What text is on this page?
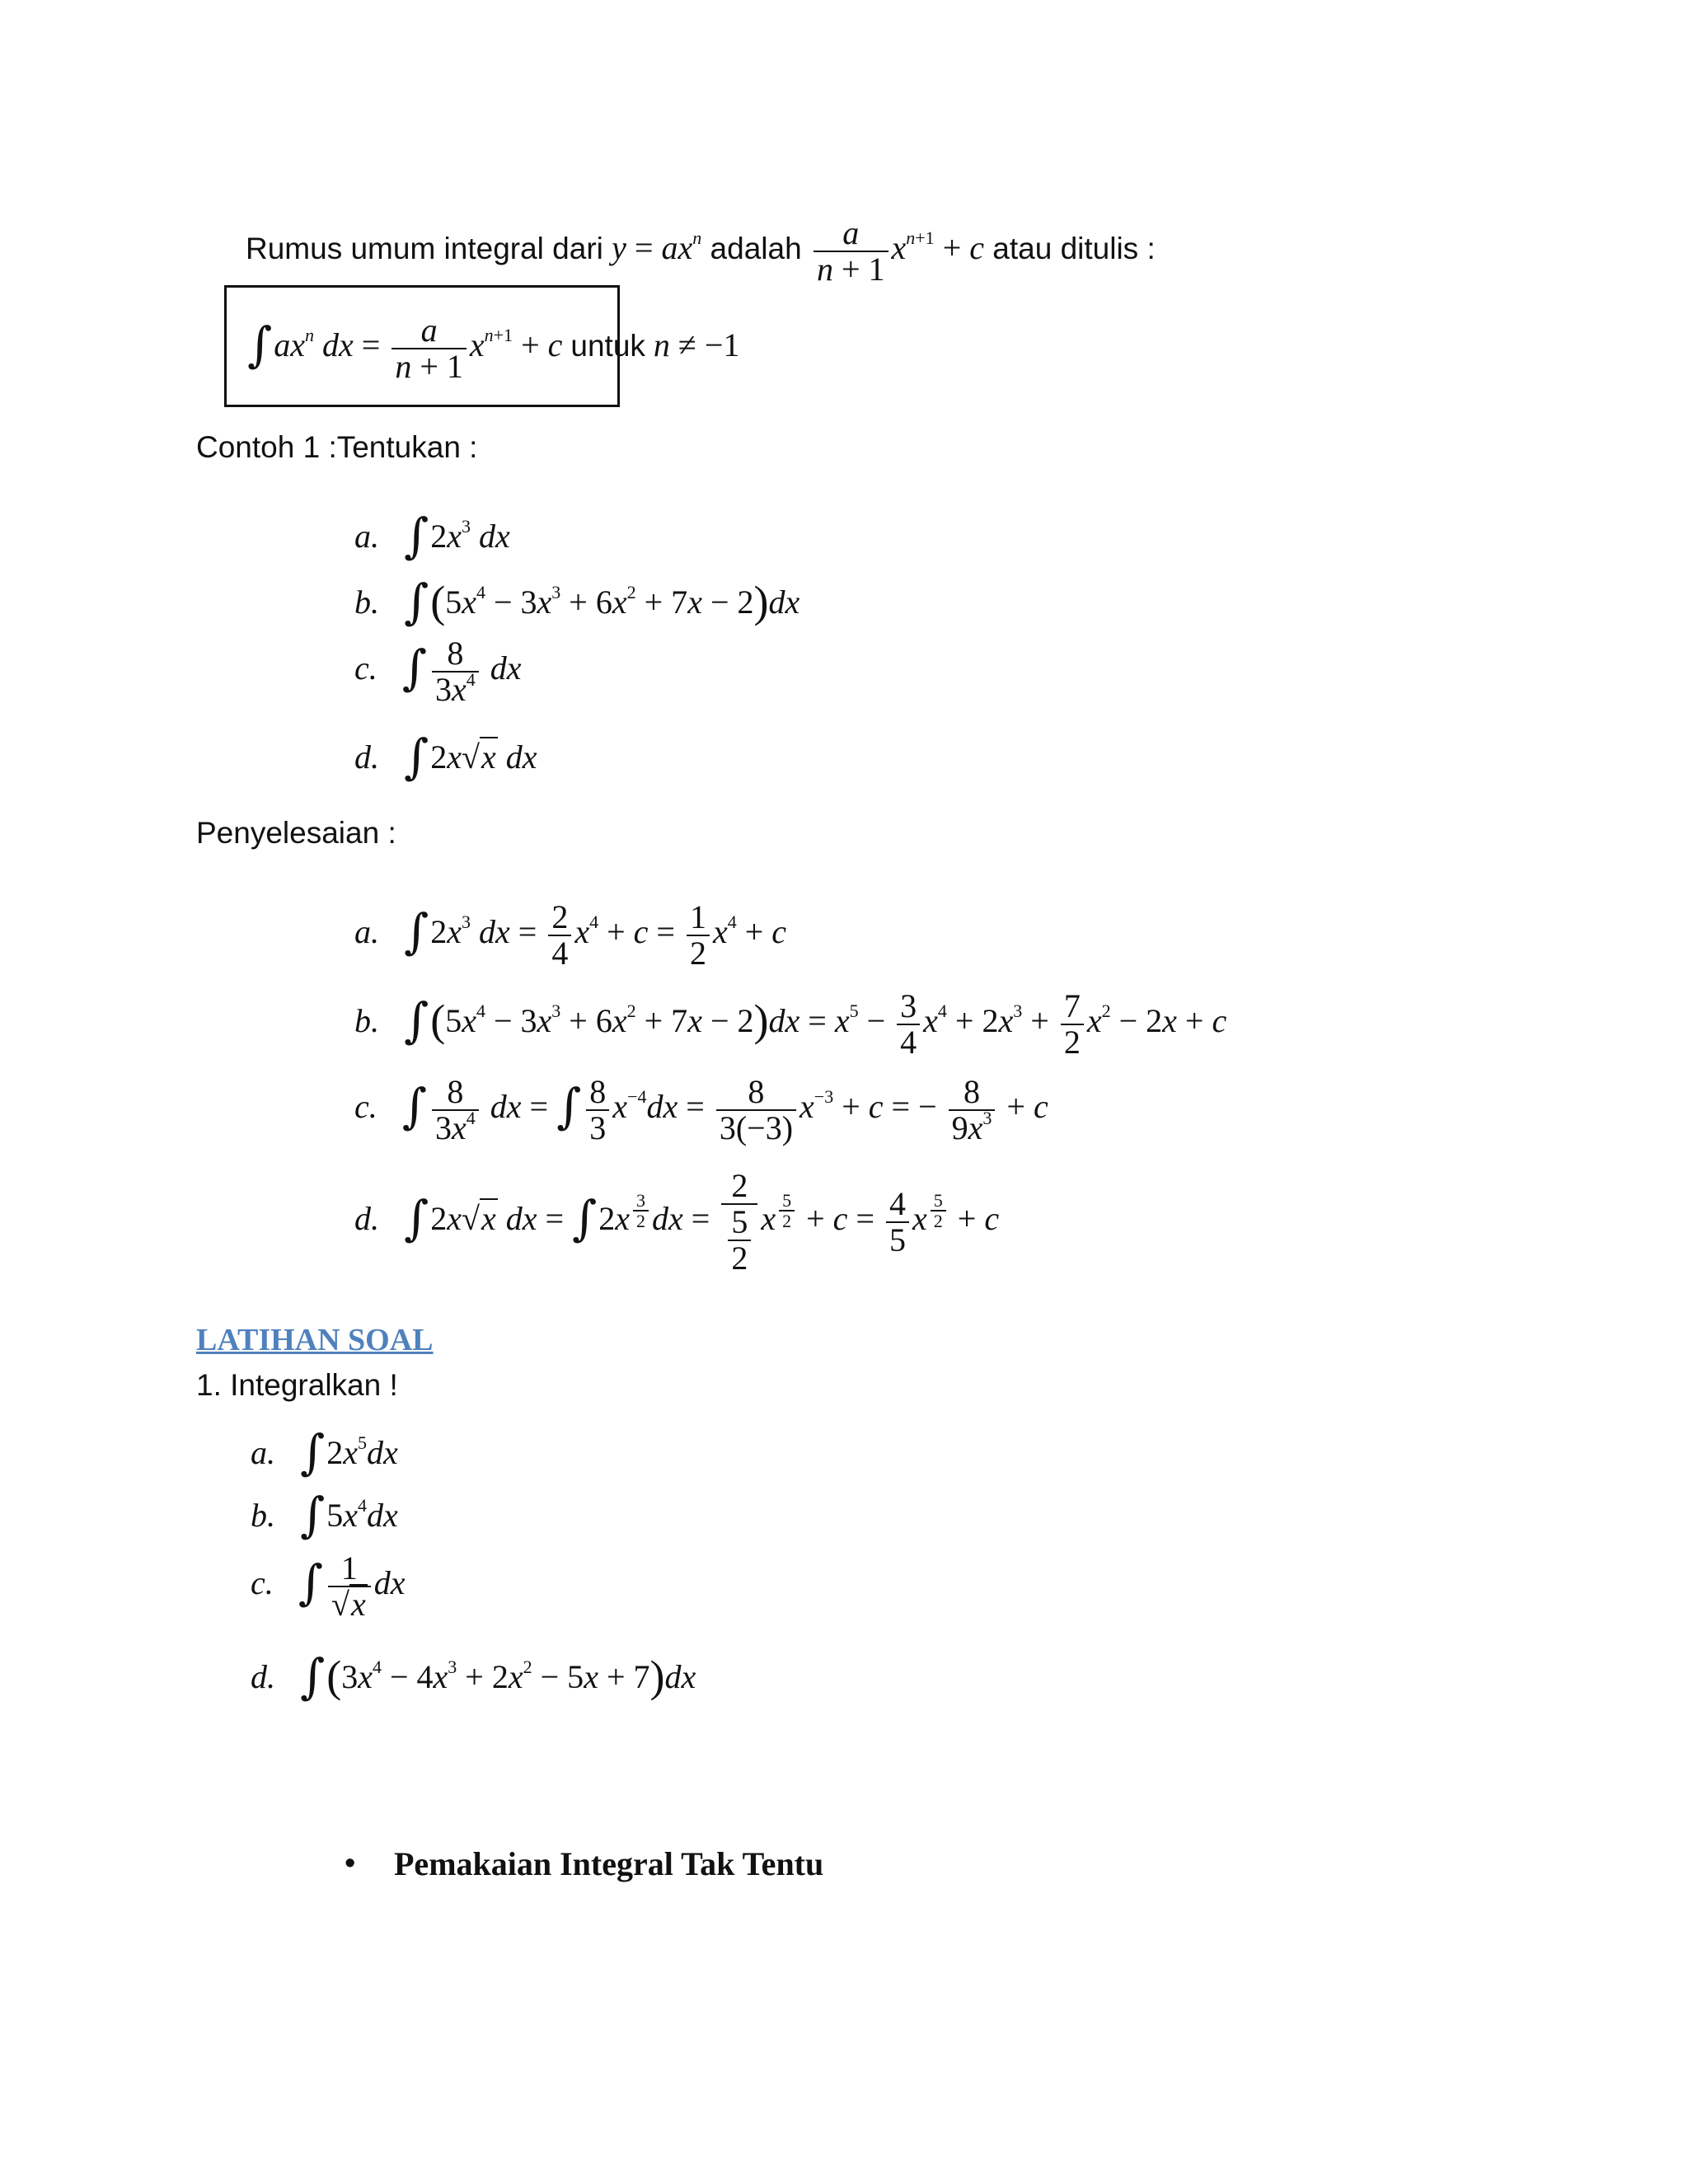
Rumus umum integral dari $y = ax^n$ adalah $\frac{a}{n + 1} x^{n+1} + c$ atau ditulis :
$\int ax^n$ dx = $\frac{a}{n + 1} x^{n+1} + c$ untuk n ≠ −1
Contoh 1 :Tentukan :
a. $\int 2x^3$ dx
b. $\int(5x^4 - 3x^3 + 6x^2 + 7x - 2)dx$
c. ∫ $\frac{8}{3x^4}$ dx
d. ∫2x√x dx
Penyelesaian :
a. $\int 2x^3$ dx = $\frac{2}{4} x^4 + c = \frac{1}{2} x^4 + c$
b. $\int(5x^4 - 3x^3 + 6x^2 + 7x - 2)dx = x^5 - \frac{3}{4} x^4 + 2x^3 + \frac{7}{2} x^2 - 2x + c$
c. ∫ $\frac{8}{3x^4}$ dx = ∫ $\frac{8}{3} x^{-4}dx = \frac{8}{3(-3)} x^{-3} + c$ = − $\frac{8}{9x^3} + c$
d. ∫2x√x dx = ∫2x $^{\frac{3}{2}}$ dx = $\frac{2}{\frac{5}{2}}$ x $^{\frac{5}{2}} + c = \frac{4}{5}$ x $^{\frac{5}{2}}$ + c
LATIHAN SOAL
1. Integralkan !
a. $\int 2x^5dx$
b. $\int 5x^4dx$
c. ∫ $\frac{1}{√x}$ dx
d. $\int(3x^4 - 4x^3 + 2x^2 - 5x + 7)dx$
• Pemakaian Integral Tak Tentu
